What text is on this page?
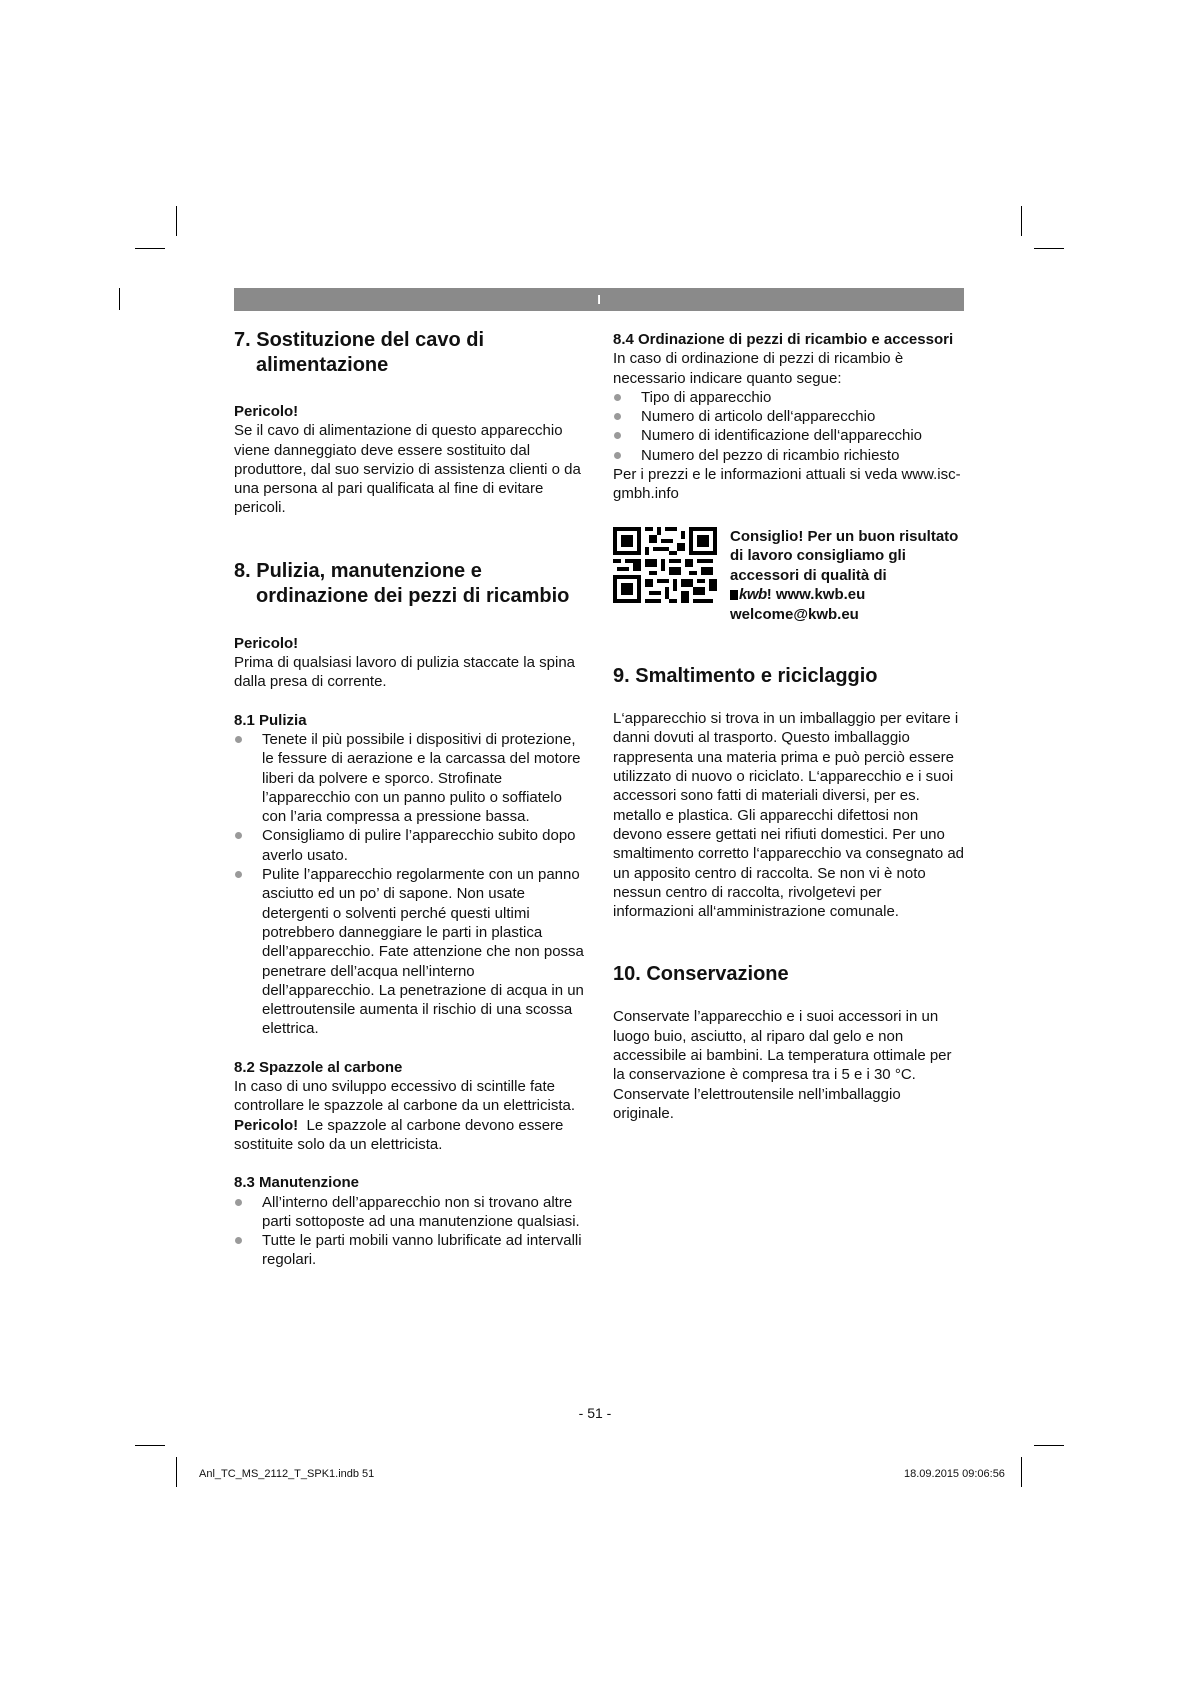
I
7. Sostituzione del cavo di alimentazione

Pericolo!

Se il cavo di alimentazione di questo apparecchio viene danneggiato deve essere sostituito dal produttore, dal suo servizio di assistenza clienti o da una persona al pari qualificata al fine di evitare pericoli.

8. Pulizia, manutenzione e ordinazione dei pezzi di ricambio

Pericolo!

Prima di qualsiasi lavoro di pulizia staccate la spina dalla presa di corrente.

8.1 Pulizia
Tenete il più possibile i dispositivi di protezione, le fessure di aerazione e la carcassa del motore liberi da polvere e sporco. Strofinate l’apparecchio con un panno pulito o soffiatelo con l’aria compressa a pressione bassa.
Consigliamo di pulire l’apparecchio subito dopo averlo usato.
Pulite l’apparecchio regolarmente con un panno asciutto ed un po’ di sapone. Non usate detergenti o solventi perché questi ultimi potrebbero danneggiare le parti in plastica dell’apparecchio. Fate attenzione che non possa penetrare dell’acqua nell’interno dell’apparecchio. La penetrazione di acqua in un elettroutensile aumenta il rischio di una scossa elettrica.
8.2 Spazzole al carbone

In caso di uno sviluppo eccessivo di scintille fate controllare le spazzole al carbone da un elettricista.

Pericolo! Le spazzole al carbone devono essere sostituite solo da un elettricista.

8.3 Manutenzione
All’interno dell’apparecchio non si trovano altre parti sottoposte ad una manutenzione qualsiasi.
Tutte le parti mobili vanno lubrificate ad intervalli regolari.
8.4 Ordinazione di pezzi di ricambio e accessori

In caso di ordinazione di pezzi di ricambio è necessario indicare quanto segue:

Tipo di apparecchio
Numero di articolo dell‘apparecchio
Numero di identificazione dell‘apparecchio
Numero del pezzo di ricambio richiesto

Per i prezzi e le informazioni attuali si veda www.isc-gmbh.info

Consiglio! Per un buon risultato di lavoro consigliamo gli accessori di qualità di
kwb! www.kwb.eu
welcome@kwb.eu
9. Smaltimento e riciclaggio

L‘apparecchio si trova in un imballaggio per evitare i danni dovuti al trasporto. Questo imballaggio rappresenta una materia prima e può perciò essere utilizzato di nuovo o riciclato. L‘apparecchio e i suoi accessori sono fatti di materiali diversi, per es. metallo e plastica. Gli apparecchi difettosi non devono essere gettati nei rifiuti domestici. Per uno smaltimento corretto l‘apparecchio va consegnato ad un apposito centro di raccolta. Se non vi è noto nessun centro di raccolta, rivolgetevi per informazioni all‘amministrazione comunale.

10. Conservazione

Conservate l’apparecchio e i suoi accessori in un luogo buio, asciutto, al riparo dal gelo e non accessibile ai bambini. La temperatura ottimale per la conservazione è compresa tra i 5 e i 30 °C. Conservate l’elettroutensile nell’imballaggio originale.

- 51 -
Anl_TC_MS_2112_T_SPK1.indb 51	18.09.2015 09:06:56
